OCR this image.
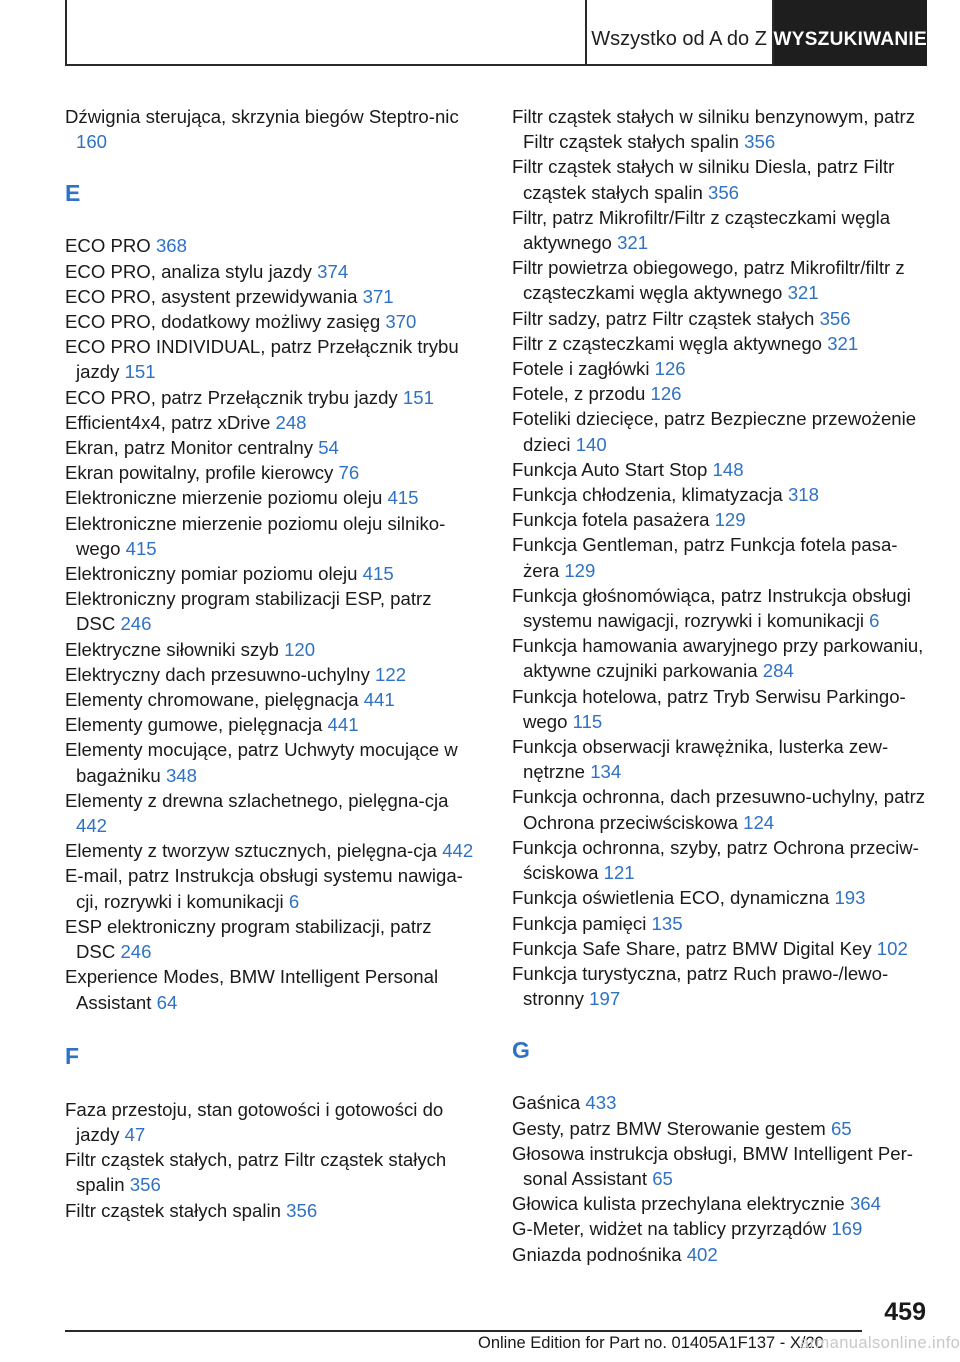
Wszystko od A do Z WYSZUKIWANIE
Dźwignia sterująca, skrzynia biegów Steptro‐nic 160
E
ECO PRO 368
ECO PRO, analiza stylu jazdy 374
ECO PRO, asystent przewidywania 371
ECO PRO, dodatkowy możliwy zasięg 370
ECO PRO INDIVIDUAL, patrz Przełącznik trybu jazdy 151
ECO PRO, patrz Przełącznik trybu jazdy 151
Efficient4x4, patrz xDrive 248
Ekran, patrz Monitor centralny 54
Ekran powitalny, profile kierowcy 76
Elektroniczne mierzenie poziomu oleju 415
Elektroniczne mierzenie poziomu oleju silniko‐wego 415
Elektroniczny pomiar poziomu oleju 415
Elektroniczny program stabilizacji ESP, patrz DSC 246
Elektryczne siłowniki szyb 120
Elektryczny dach przesuwno-uchylny 122
Elementy chromowane, pielęgnacja 441
Elementy gumowe, pielęgnacja 441
Elementy mocujące, patrz Uchwyty mocujące w bagażniku 348
Elementy z drewna szlachetnego, pielęgna‐cja 442
Elementy z tworzyw sztucznych, pielęgna‐cja 442
E-mail, patrz Instrukcja obsługi systemu nawiga‐cji, rozrywki i komunikacji 6
ESP elektroniczny program stabilizacji, patrz DSC 246
Experience Modes, BMW Intelligent Personal Assistant 64
F
Faza przestoju, stan gotowości i gotowości do jazdy 47
Filtr cząstek stałych, patrz Filtr cząstek stałych spalin 356
Filtr cząstek stałych spalin 356
Filtr cząstek stałych w silniku benzynowym, patrz Filtr cząstek stałych spalin 356
Filtr cząstek stałych w silniku Diesla, patrz Filtr cząstek stałych spalin 356
Filtr, patrz Mikrofiltr/Filtr z cząsteczkami węgla aktywnego 321
Filtr powietrza obiegowego, patrz Mikrofiltr/filtr z cząsteczkami węgla aktywnego 321
Filtr sadzy, patrz Filtr cząstek stałych 356
Filtr z cząsteczkami węgla aktywnego 321
Fotele i zagłówki 126
Fotele, z przodu 126
Foteliki dziecięce, patrz Bezpieczne przewożenie dzieci 140
Funkcja Auto Start Stop 148
Funkcja chłodzenia, klimatyzacja 318
Funkcja fotela pasażera 129
Funkcja Gentleman, patrz Funkcja fotela pasa‐żera 129
Funkcja głośnomówiąca, patrz Instrukcja obsługi systemu nawigacji, rozrywki i komunikacji 6
Funkcja hamowania awaryjnego przy parkowaniu, aktywne czujniki parkowania 284
Funkcja hotelowa, patrz Tryb Serwisu Parkingo‐wego 115
Funkcja obserwacji krawężnika, lusterka zew‐nętrzne 134
Funkcja ochronna, dach przesuwno-uchylny, patrz Ochrona przeciwściskowa 124
Funkcja ochronna, szyby, patrz Ochrona przeciw‐ściskowa 121
Funkcja oświetlenia ECO, dynamiczna 193
Funkcja pamięci 135
Funkcja Safe Share, patrz BMW Digital Key 102
Funkcja turystyczna, patrz Ruch prawo-/lewo‐stronny 197
G
Gaśnica 433
Gesty, patrz BMW Sterowanie gestem 65
Głosowa instrukcja obsługi, BMW Intelligent Per‐sonal Assistant 65
Głowica kulista przechylana elektrycznie 364
G-Meter, widżet na tablicy przyrządów 169
Gniazda podnośnika 402
459
Online Edition for Part no. 01405A1F137 - X/20
armanualsonline.info
